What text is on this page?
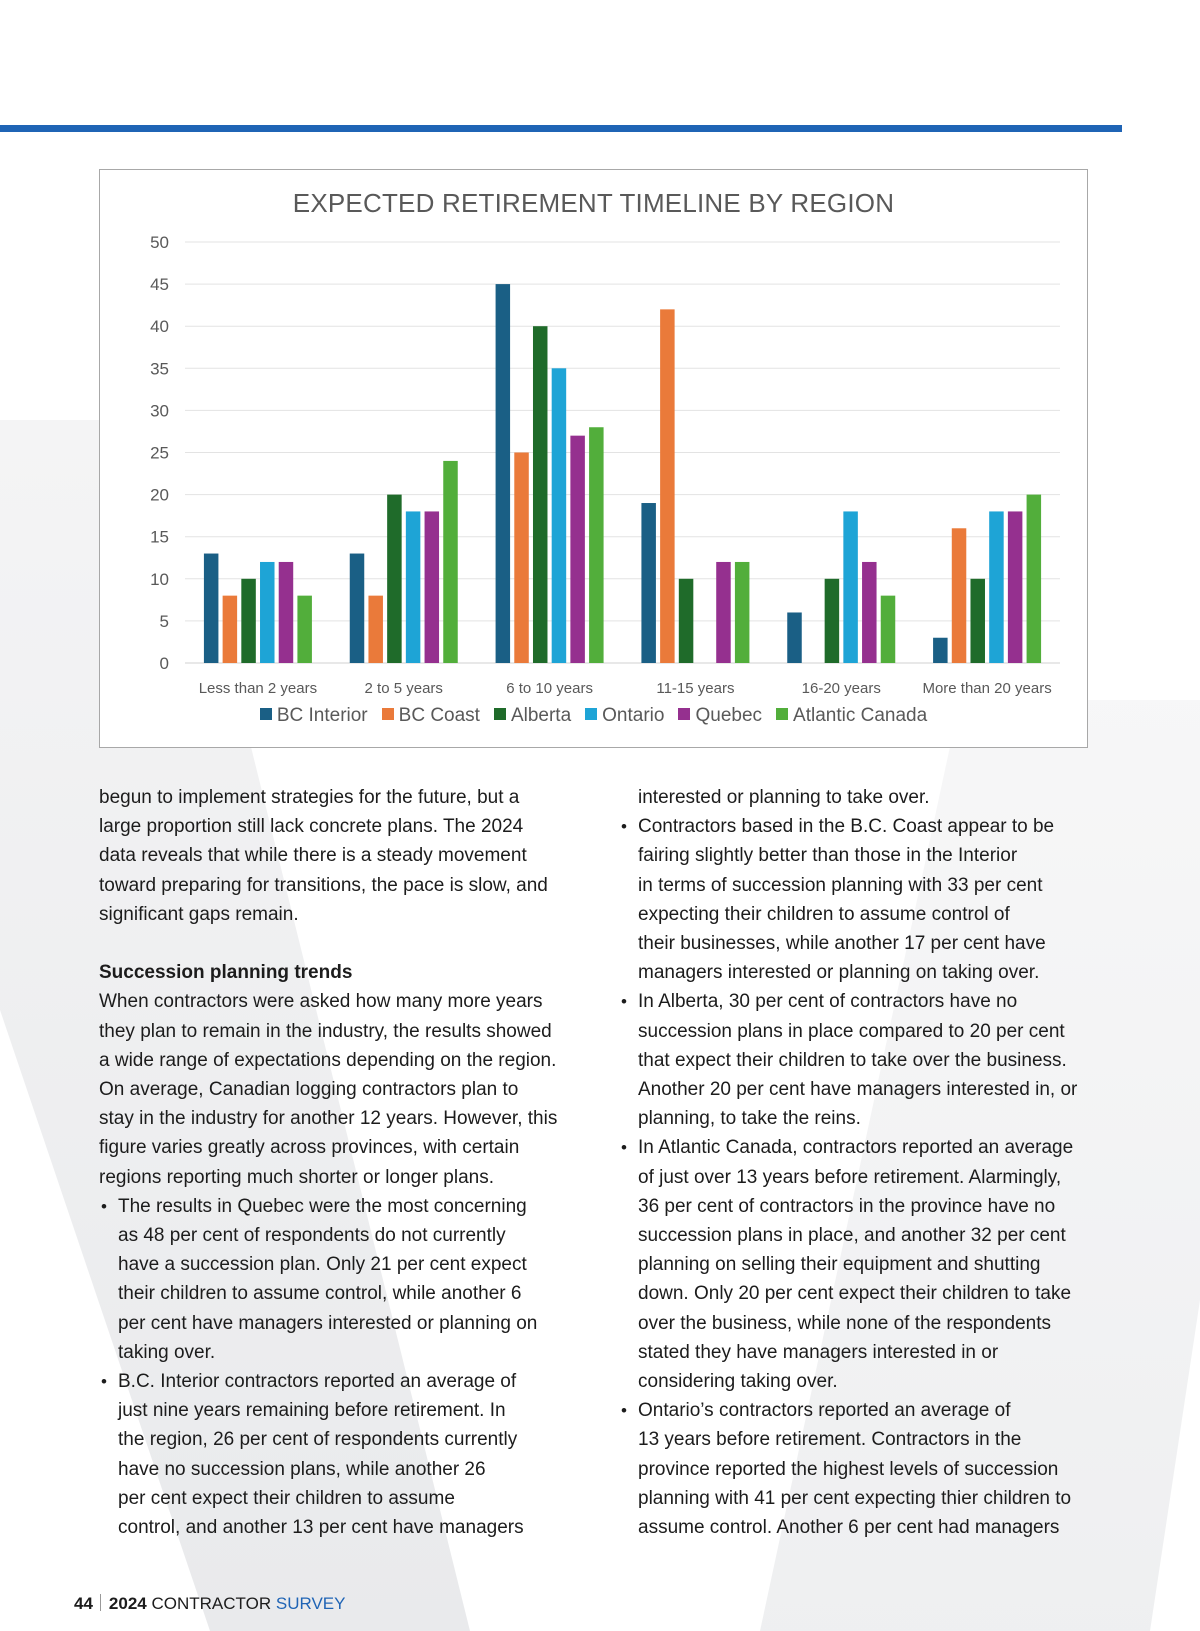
EXPECTED RETIREMENT TIMELINE BY REGION
0
5
10
15
20
25
30
35
40
45
50
Less than 2 years	2 to 5 years	6 to 10 years	11-15 years	16-20 years	More than 20 years
BC Interior BC Coast Alberta Ontario Quebec Atlantic Canada

begun to implement strategies for the future, but a

large proportion still lack concrete plans. The 2024

data reveals that while there is a steady movement

toward preparing for transitions, the pace is slow, and

significant gaps remain.

Succession planning trends

When contractors were asked how many more years

they plan to remain in the industry, the results showed

a wide range of expectations depending on the region.

On average, Canadian logging contractors plan to

stay in the industry for another 12 years. However, this

figure varies greatly across provinces, with certain

regions reporting much shorter or longer plans.

• The results in Quebec were the most concerning
as 48 per cent of respondents do not currently
have a succession plan. Only 21 per cent expect
their children to assume control, while another 6
per cent have managers interested or planning on
taking over.
• B.C. Interior contractors reported an average of
just nine years remaining before retirement. In
the region, 26 per cent of respondents currently
have no succession plans, while another 26
per cent expect their children to assume
control, and another 13 per cent have managers

interested or planning to take over.

• Contractors based in the B.C. Coast appear to be
fairing slightly better than those in the Interior
in terms of succession planning with 33 per cent
expecting their children to assume control of
their businesses, while another 17 per cent have
managers interested or planning on taking over.
• In Alberta, 30 per cent of contractors have no
succession plans in place compared to 20 per cent
that expect their children to take over the business.
Another 20 per cent have managers interested in, or
planning, to take the reins.
• In Atlantic Canada, contractors reported an average
of just over 13 years before retirement. Alarmingly,
36 per cent of contractors in the province have no
succession plans in place, and another 32 per cent
planning on selling their equipment and shutting
down. Only 20 per cent expect their children to take
over the business, while none of the respondents
stated they have managers interested in or
considering taking over.
• Ontario’s contractors reported an average of
13 years before retirement. Contractors in the
province reported the highest levels of succession
planning with 41 per cent expecting thier children to
assume control. Another 6 per cent had managers
44 2024 CONTRACTOR SURVEY
